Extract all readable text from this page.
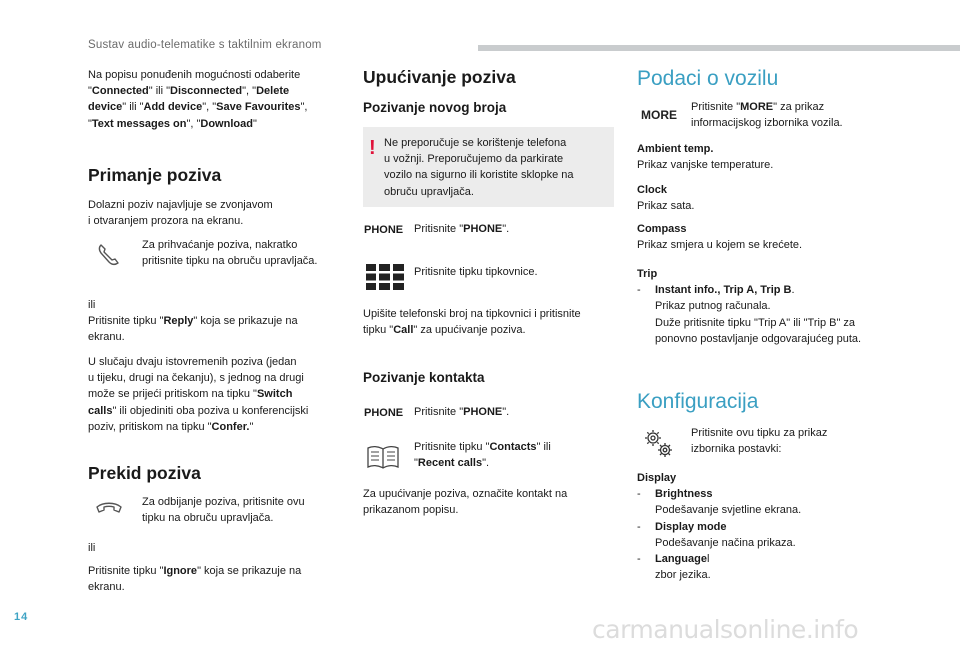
Sustav audio-telematike s taktilnim ekranom
Na popisu ponuđenih mogućnosti odaberite
"Connected" ili "Disconnected", "Delete
device" ili "Add device", "Save Favourites",
"Text messages on", "Download"
Primanje poziva
Dolazni poziv najavljuje se zvonjavom
i otvaranjem prozora na ekranu.
Za prihvaćanje poziva, nakratko
pritisnite tipku na obruču upravljača.
ili
Pritisnite tipku "Reply" koja se prikazuje na
ekranu.
U slučaju dvaju istovremenih poziva (jedan
u tijeku, drugi na čekanju), s jednog na drugi
može se prijeći pritiskom na tipku "Switch
calls" ili objediniti oba poziva u konferencijski
poziv, pritiskom na tipku "Confer."
Prekid poziva
Za odbijanje poziva, pritisnite ovu
tipku na obruču upravljača.
ili
Pritisnite tipku "Ignore" koja se prikazuje na
ekranu.
Upućivanje poziva
Pozivanje novog broja
! Ne preporučuje se korištenje telefona
u vožnji. Preporučujemo da parkirate
vozilo na sigurno ili koristite sklopke na
obruču upravljača.
PHONE Pritisnite "PHONE".
Pritisnite tipku tipkovnice.
Upišite telefonski broj na tipkovnici i pritisnite
tipku "Call" za upućivanje poziva.
Pozivanje kontakta
PHONE Pritisnite "PHONE".
Pritisnite tipku "Contacts" ili
"Recent calls".
Za upućivanje poziva, označite kontakt na
prikazanom popisu.
Podaci o vozilu
MORE
Pritisnite "MORE" za prikaz
informacijskog izbornika vozila.
Ambient temp.
Prikaz vanjske temperature.
Clock
Prikaz sata.
Compass
Prikaz smjera u kojem se krećete.
Trip
-	Instant info., Trip A, Trip B.
Prikaz putnog računala.
Duže pritisnite tipku "Trip A" ili "Trip B" za
ponovno postavljanje odgovarajućeg puta.
Konfiguracija
Pritisnite ovu tipku za prikaz
izbornika postavki:
Display
-	Brightness
Podešavanje svjetline ekrana.
-	Display mode
Podešavanje načina prikaza.
-	Languagel
zbor jezika.
14	carmanualsonline.info
